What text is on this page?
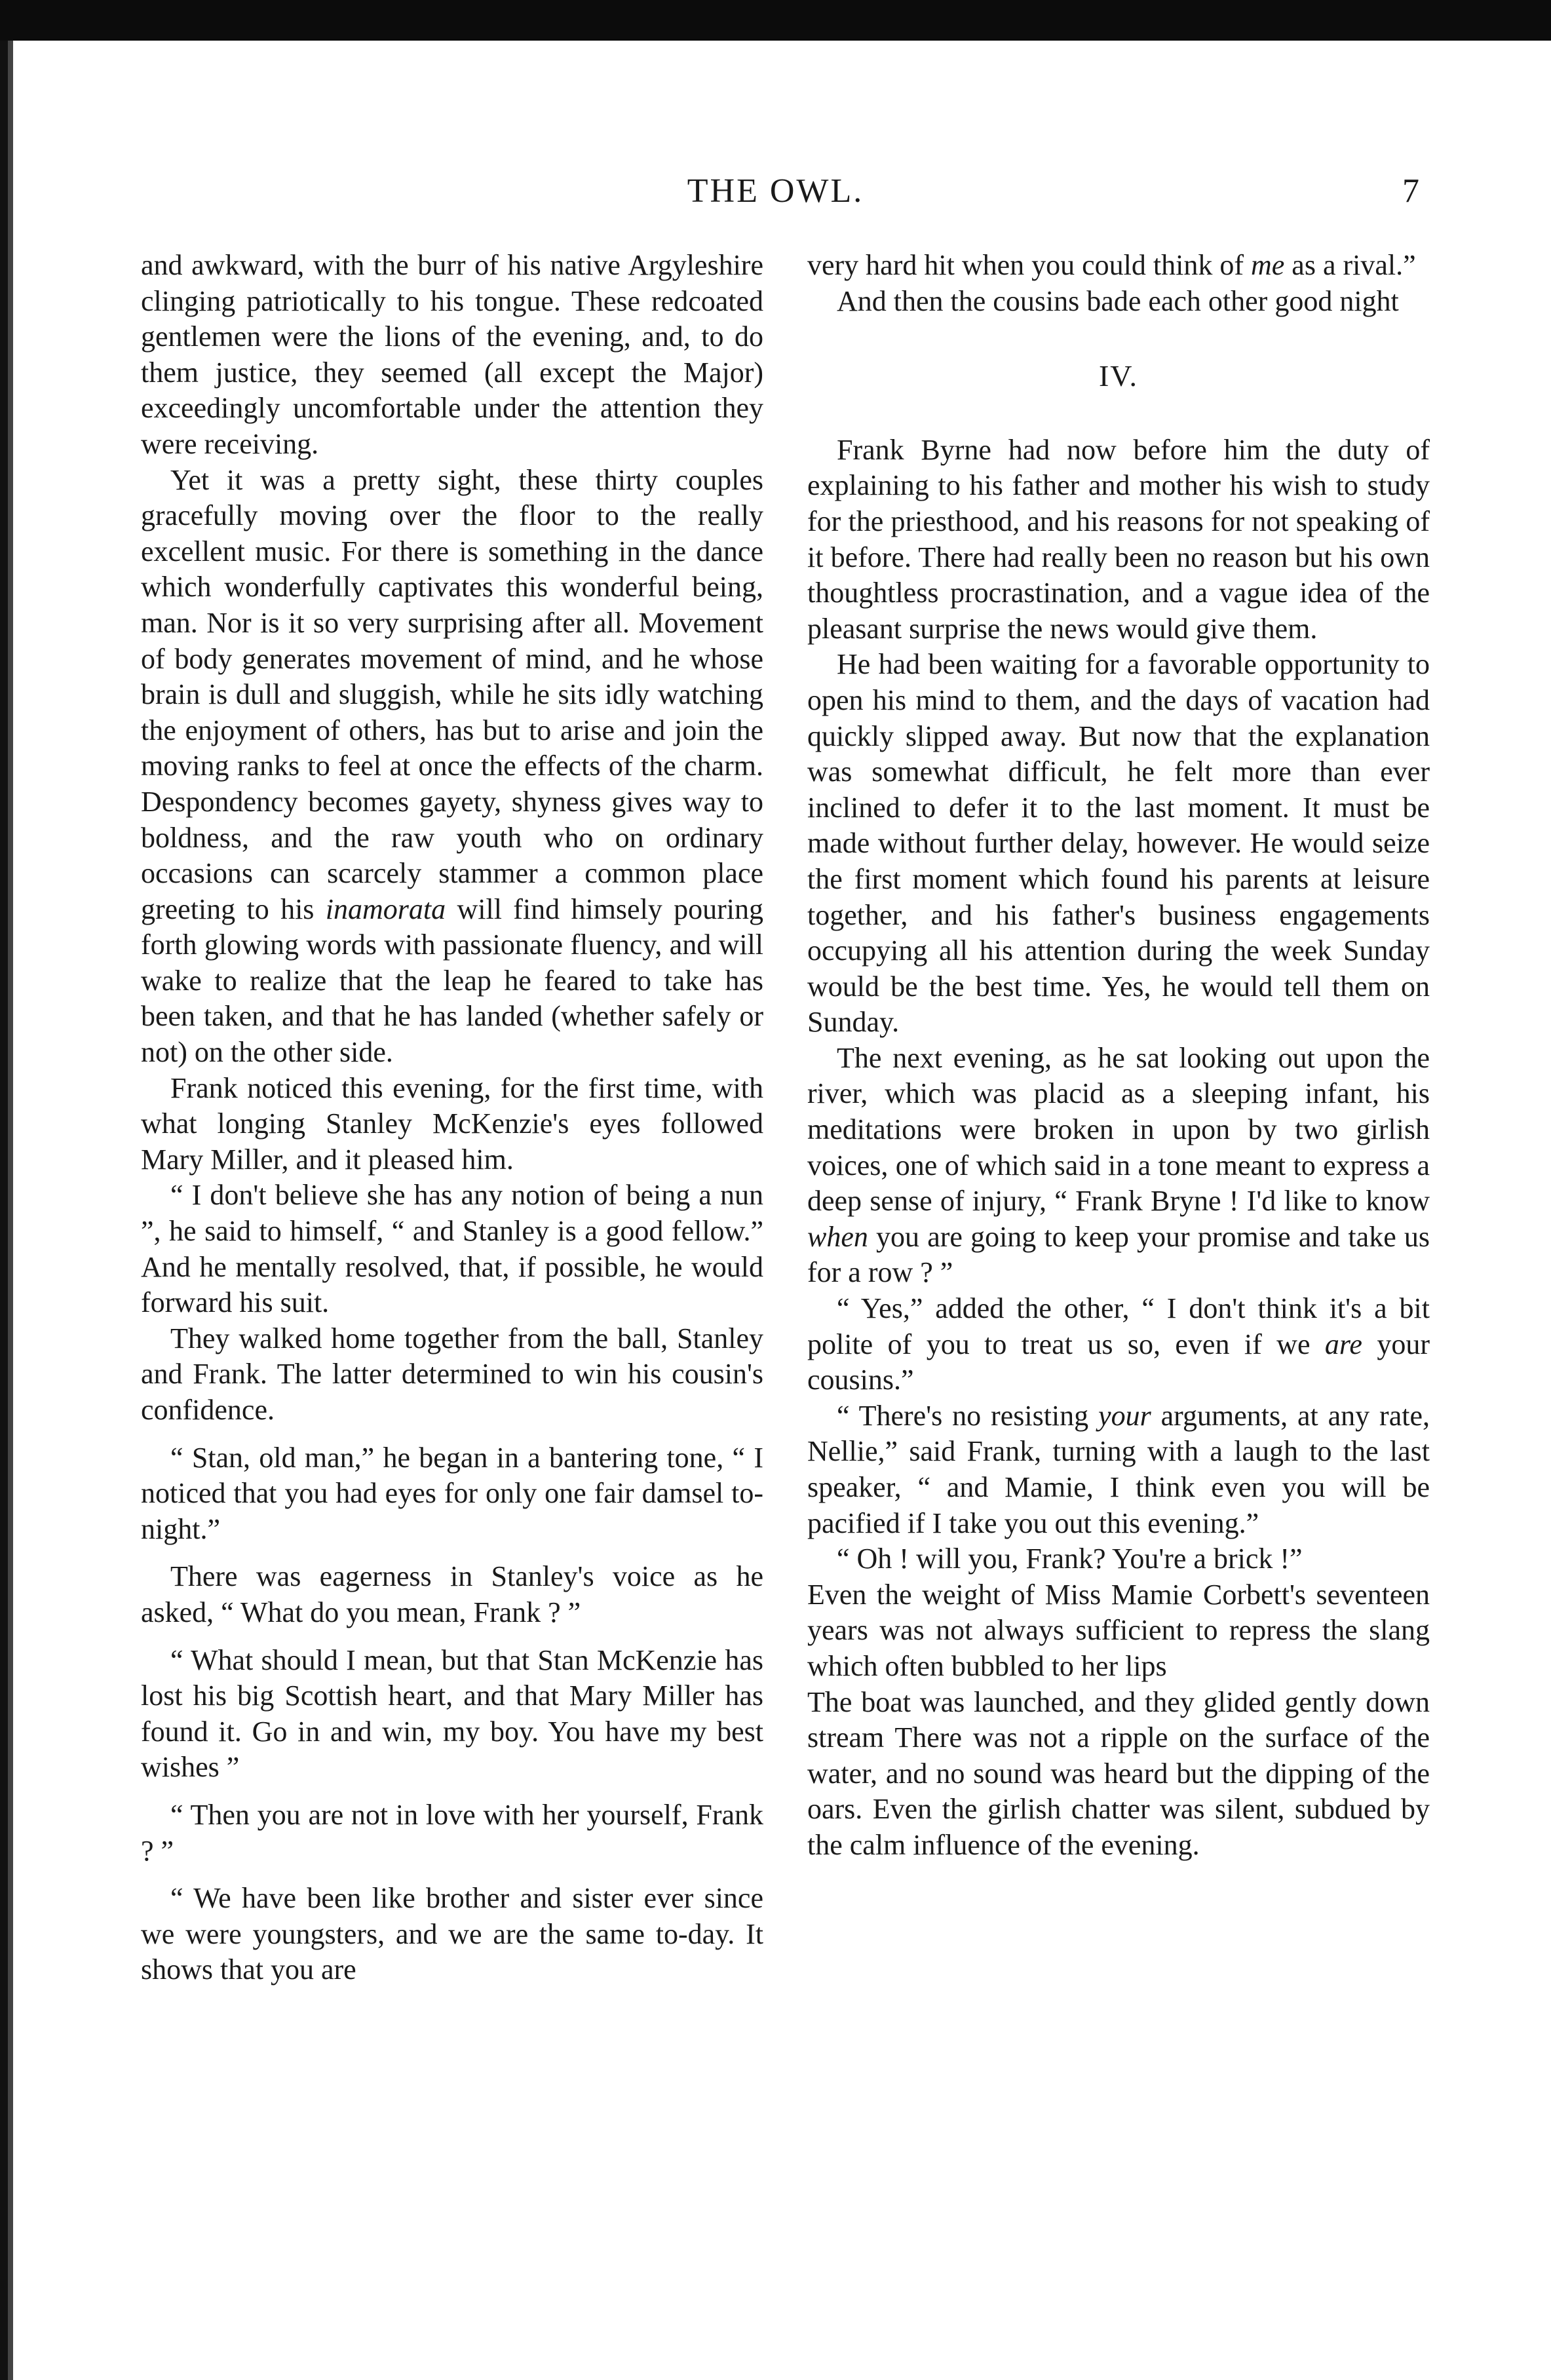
THE OWL.	7

and awkward, with the burr of his native Argyleshire clinging patriotically to his tongue. These redcoated gentlemen were the lions of the evening, and, to do them justice, they seemed (all except the Major) exceedingly uncomfortable under the attention they were receiving.

Yet it was a pretty sight, these thirty couples gracefully moving over the floor to the really excellent music. For there is something in the dance which wonderfully captivates this wonderful being, man. Nor is it so very surprising after all. Movement of body generates movement of mind, and he whose brain is dull and sluggish, while he sits idly watching the enjoyment of others, has but to arise and join the moving ranks to feel at once the effects of the charm. Despondency becomes gayety, shyness gives way to boldness, and the raw youth who on ordinary occasions can scarcely stammer a common place greeting to his inamorata will find himsely pouring forth glowing words with passionate fluency, and will wake to realize that the leap he feared to take has been taken, and that he has landed (whether safely or not) on the other side.

Frank noticed this evening, for the first time, with what longing Stanley McKenzie's eyes followed Mary Miller, and it pleased him.

“ I don't believe she has any notion of being a nun ”, he said to himself, “ and Stanley is a good fellow.” And he mentally resolved, that, if possible, he would forward his suit.

They walked home together from the ball, Stanley and Frank. The latter determined to win his cousin's confidence.

“ Stan, old man,” he began in a bantering tone, “ I noticed that you had eyes for only one fair damsel to-night.”

There was eagerness in Stanley's voice as he asked, “ What do you mean, Frank ? ”

“ What should I mean, but that Stan McKenzie has lost his big Scottish heart, and that Mary Miller has found it. Go in and win, my boy. You have my best wishes ”

“ Then you are not in love with her yourself, Frank ? ”

“ We have been like brother and sister ever since we were youngsters, and we are the same to-day. It shows that you are

very hard hit when you could think of me as a rival.”

And then the cousins bade each other good night

IV.

Frank Byrne had now before him the duty of explaining to his father and mother his wish to study for the priesthood, and his reasons for not speaking of it before. There had really been no reason but his own thoughtless procrastination, and a vague idea of the pleasant surprise the news would give them.

He had been waiting for a favorable opportunity to open his mind to them, and the days of vacation had quickly slipped away. But now that the explanation was somewhat difficult, he felt more than ever inclined to defer it to the last moment. It must be made without further delay, however. He would seize the first moment which found his parents at leisure together, and his father's business engagements occupying all his attention during the week Sunday would be the best time. Yes, he would tell them on Sunday.

The next evening, as he sat looking out upon the river, which was placid as a sleeping infant, his meditations were broken in upon by two girlish voices, one of which said in a tone meant to express a deep sense of injury, “ Frank Bryne ! I'd like to know when you are going to keep your promise and take us for a row ? ”

“ Yes,” added the other, “ I don't think it's a bit polite of you to treat us so, even if we are your cousins.”

“ There's no resisting your arguments, at any rate, Nellie,” said Frank, turning with a laugh to the last speaker, “ and Mamie, I think even you will be pacified if I take you out this evening.”

“ Oh ! will you, Frank? You're a brick !”

Even the weight of Miss Mamie Corbett's seventeen years was not always sufficient to repress the slang which often bubbled to her lips

The boat was launched, and they glided gently down stream There was not a ripple on the surface of the water, and no sound was heard but the dipping of the oars. Even the girlish chatter was silent, subdued by the calm influence of the evening.
